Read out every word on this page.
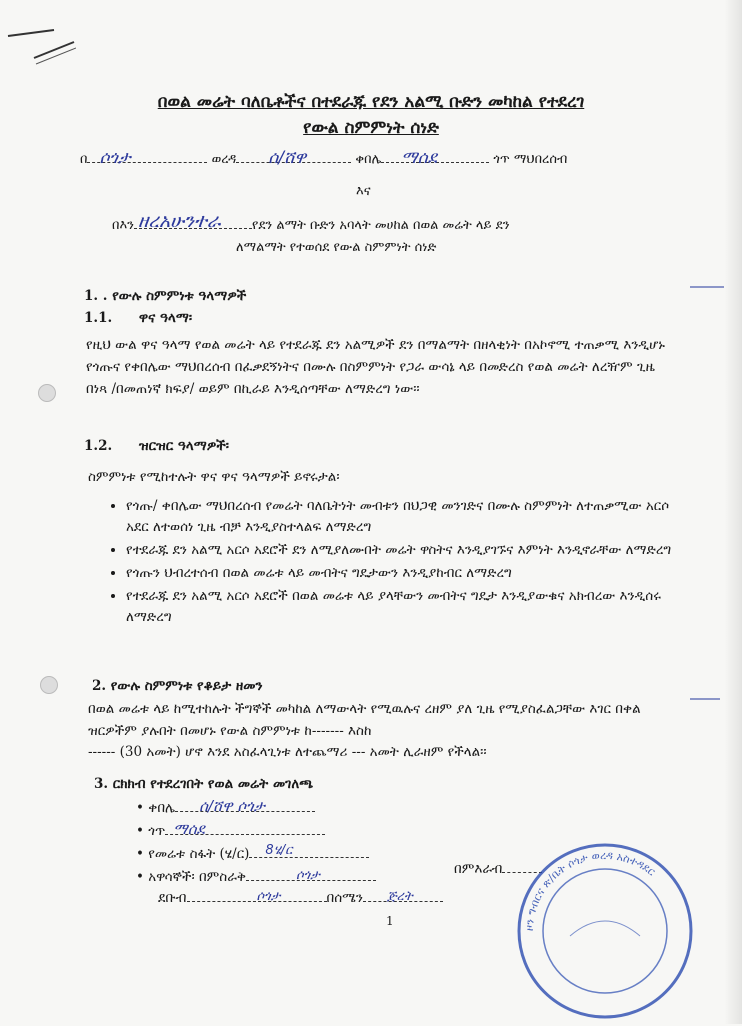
በወል መሬት ባለቤቶችና በተደራጁ የደን አልሚ ቡድን መካከል የተደረገ
የውል ስምምነት ሰነድ
በ ሶጎታ	ወረዳ ሰ/ሸዋ	ቀበሌ ማሰደ	ጎጥ ማህበረሰብ
እና
በእን ዘረአሁንተራ የደን ልማት ቡድን አባላት መሀከል በወል መሬት ላይ ደን
ለማልማት የተወሰደ የውል ስምምነት ሰነድ
1. . የውሉ ስምምነቱ ዓላማዎች
1.1. ዋና ዓላማ፡
የዚህ ውል ዋና ዓላማ የወል መሬት ላይ የተደራጁ ደን አልሚዎች ደን በማልማት በዘላቂነት በአኮኖሚ ተጠቃሚ እንዲሆኑ የጎጡና የቀበሌው ማህበረሰብ በፈቃደኝነትና በሙሉ በስምምነት የጋራ ውሳኔ ላይ በመድረስ የወል መሬት ለረዥም ጊዜ በነጻ /በመጠነኛ ክፍያ/ ወይም በኪራይ እንዲሰጣቸው ለማድረግ ነው፡፡
1.2. ዝርዝር ዓላማዎች፡
ስምምነቱ የሚከተሉት ዋና ዋና ዓላማዎች ይኖሩታል፡
• የጎጡ/ ቀበሌው ማህበረሰብ የመሬት ባለቤትነት መብቱን በህጋዊ መንገድና በሙሉ ስምምነት ለተጠቃሚው አርሶ አደር ለተወሰነ ጊዜ ብቻ እንዲያስተላልፍ ለማድረግ
• የተደራጁ ደን አልሚ አርሶ አደሮች ደን ለሚያለሙበት መሬት ዋስትና እንዲያገኙና እምነት እንዲኖራቸው ለማድረግ
• የጎጡን ህብረተሰብ በወል መሬቱ ላይ መብትና ግዴታውን እንዲያከብር ለማድረግ
• የተደራጁ ደን አልሚ አርሶ አደሮች በወል መሬቱ ላይ ያላቸውን መብትና ግዴታ እንዲያውቁና አክብረው እንዲሰሩ ለማድረግ
2. የውሉ ስምምነቱ የቆይታ ዘመን
በወል መሬቱ ላይ ከሚተከሉት ችግኞች መካከል ለማውላት የሚዉሉና ረዘም ያለ ጊዜ የሚያስፈልጋቸው እገር በቀል ዝርዎችም ያሉበት በመሆኑ የውል ስምምነቱ ከ------- እስከ
------ (30 አመት) ሆኖ እንደ አስፈላጊነቱ ለተጨማሪ --- አመት ሊራዘም የችላል፡፡
3. ርክክብ የተደረገበት የወል መሬት መገለጫ
• ቀበሌ ሰ/ሸዋ ሶጎታ
• ጎጥ ማሰደ
• የመሬቱ ስፋት (ሄ/ር) 8ሄ/ር
• አዋሳኞች፡ በምስራቅ	ሶጎታ	በምእራብ
ደቡብ	ሶጎታ	በሰሜን ጅረት
1	ዞን ግብርና ጽ/ቤት ሶጎታ ወረዳ አስተዳደር
